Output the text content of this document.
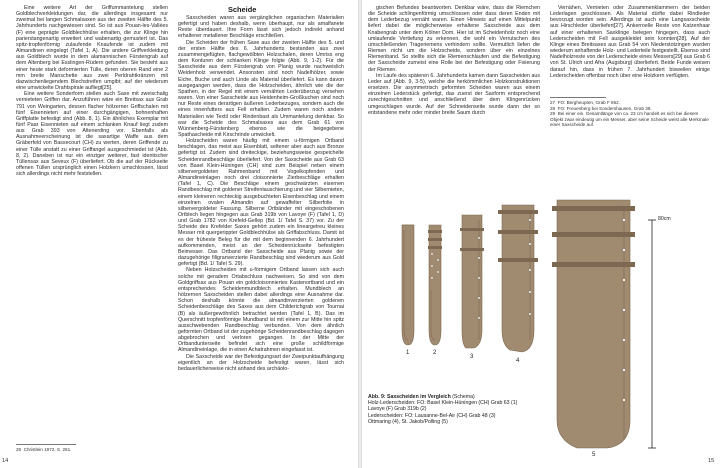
Eine weitere Art der Griffummantelung stellen Goldblechverkleidungen dar, die allerdings insgesamt nur zweimal bei langen Schmalsaxen aus der zweiten Hälfte des 5. Jahrhunderts nachgewiesen sind. So ist aus Pouan-les-Vallées (F) eine geprägte Goldblechhülse erhalten, die zur Klinge hin parierstangenartig erweitert und wabenartig gemustert ist. Das spitz-tropfenförmig zulaufende Knaufende ist zudem mit Almandinen eingelegt (Tafel 1, A). Die andere Griffverkleidung aus Goldblech wurde in dem alamannischen Fürstengrab auf dem Altenberg bei Esslingen-Rüdern gefunden. Sie besteht aus einer heute stark deformierten Tülle, deren oberen Rand eine 2 mm breite Manschette aus zwei Perldrahtkränzen mit dazwischenliegendem Blechstreifen umgibt; auf der wiederum eine umwickelte Drahtspirale aufliegt[25].

Eine weitere Sonderform stellen auch Saxe mit zweischalig vernieteten Griffen dar. Anzuführen wäre ein Breitsax aus Grab 791 von Weingarten, dessen flacher hölzerner Griffschalen mit fünf Eisennieten auf einer durchgängigen, bohnenhaften Griffplatte befestigt sind (Abb. 8, 1). Ein ähnliches Exemplar mit fünf Paar Eisennieten auf einem schlanken Knauf liegt zudem aus Grab 393 von Altenerding vor. Ebenfalls als Ausnahmeerscheinung ist die saxartige Waffe aus dem Gräberfeld von Bassecourt (CH) zu werten, deren Griffende zu einer Tülle anstatt zu einer Griffangel ausgeschmiedet ist (Abb. 8, 2). Daneben ist nur ein einziger weiterer, fast identischer Tüllensax aus Seveux (F) überliefert. Ob die auf der Rückseite offenen Tüllen ursprünglich einen Holzkern umschlossen, lässt sich allerdings nicht mehr feststellen.

Scheide

Saxscheiden waren aus vergänglichen organischen Materialien gefertigt und haben deshalb, wenn überhaupt, nur als amalfanete Reste überdauert. Ihre Form lässt sich jedoch indirekt anhand erhaltener metallener Beschläge erschließen.

Die Scheiden der frühen Saxe aus der zweiten Hälfte des 5. und der ersten Hälfte des 6. Jahrhunderts bestanden aus zwei zusammengefügten, flachgewölbten Holzschalen, deren Umriss eng dem Konturen der schlanken Klinge folgte (Abb. 9, 1-2). Für die Saxscheide aus dem Fürstengrab von Planig wurde nachweislich Weidenholz verwendet. Ansonsten sind noch Nadelhölzer, sowie Eiche, Buche und auch Linde als Material überliefert. Es kann davon ausgegangen werden, dass die Holzscheiden, ähnlich wie die der Spathen, in der Regel mit einem vernähten Lederüberzug versehen waren. Von einer Saxscheide aus Heidenheim-Großkuchen sind noch nur Reste eines derartigen äußeren Lederbezuges, sondern auch die eines innenfutters aus Fell erhalten. Zudem waren noch andere Materialien wie Textil oder Rindenbast als Ummantelung denkbar. So war die Scheide des Schmalsaxes aus dem Grab 61 von Wünnenberg-Fürstenberg ebenso wie die beigegebene Spathascheide mit Kirschrinde umwickelt.

Holzscheiden waren häufig mit einem u-förmigen Ortband beschlagen, das meist aus Eisenblatt, seltener aber auch aus Bronze gefertigt ist. Zudem sind dreiteckige, beziehungsweise gespeichelte Scheidenrandbeschläge überliefert. Von der Saxscheide aus Grab 63 von Basel Klein-Hüningen (CH) sind zum Beispiel neben einem silbervergoldeten Rahmenband mit Vogelkopfenden und Almandineinlagen noch drei cloisonnierte Zierbeschläge erhalten (Tafel 1, C). Die Beschläge einem geschwärzten eisernen Randbeschlag mit goldener Streifentauschierung und vier Silbernieten, einem kleineren rechteckig ausgebuchteten Eisenbeschlag und einem einzelnen ovalen Almandin auf gewaffelter Silberfolie in silbervergoldeter Fassung. Silberne Ortbänder mit eingeschobenen Ortblech liegen hingegen aus Grab 319b von Lavoye (F) (Tafel 1, D) und Grab 1782 von Krefeld-Gellep (Bd. 1/ Tafel S. 37) vor. Zu der Scheide des Krefelder Saxes gehört zudem ein lineargetreu kleines Messer mit quergerippter Goldblechhülse als Griffabschluss. Damit ist es der früheste Beleg für die mit dem beginnenden 6. Jahrhundert aufkommenden, meist an der Scheidenrückseite befestigten Beimesser. Das Ortband der Saxscheide aus Planig sowie der dazugehörige filigranverzierte Randbeschlag sind wiederum aus Gold gefertigt (Bd. 1/ Tafel S. 29).

Neben Holzscheiden mit u-förmigem Ortband lassen sich auch solche mit geradem Ortabschluss nachweisen. So sind von dem Goldgriffsax aus Pouan ein goldcloisonniertes Kastenortband und ein entsprechendes Scheidenmundblech erhalten. Mundblech an hölzernen Saxscheiden stellen dabei allerdings eine Ausnahme dar. Schon deshalb könnte die almandinverzierten goldenen Scheidenbeschläge des Saxes aus dem Childerichgrab von Tournai (B) als äußergewöhnlich betrachtet werden (Tafel 1, B). Das im Querschnitt tropfenförmige Mundband ist mit einem zur Mitte hin spitz ausschwebenden Randbeschlag verbunden. Von dem ähnlich geformten Ortband ist der zugehörige Scheidenrandbeschlag dagegen abgebrochen und verloren gegangen. In der Mitte der Ortbandunterseite befindet sich eine große schildförmige Almandineinlage, die in einen Achatrahmen eingefasst ist.

Die Saxscheide war der Befestigungsart der Zweipunktaufhängung eigentlich an der Holzscheide befestigt waren, lässt sich bedauerlicherweise nicht anhand des archäolo-

25 Christlein 1972, S. 261.
14

gischen Befundes beantworten. Denkbar wäre, dass die Riemchen die Scheide schlingenförmig umschlossen oder dass deren Enden mit dem Lederbezug vernäht waren. Einen Hinweis auf einen Mittelpunkt liefert dabei die möglicherweise erhaltene Saxscheide aus dem Knabengrab unter dem Kölner Dom. Hier ist im Scheidenholz noch eine umlaufende Vertiefung zu erkennen, die wohl ein Verrutschen des umschließenden Trageriemens verhindern sollte. Vermutlich liefen die Riemen nicht um die Holzscheide, sondern über ein einzelnes Riemenband. So stellte sich die Riemenschlaufen und die Befestigung der Saxscheide zumeist eine Rolle bei der Befestigung oder Fixierung der Riemen.

Im Laufe des späteren 6. Jahrhunderts kamen dann Saxscheiden aus Leder auf (Abb. 9, 3-5), welche die herkömmlichen Holzkonstruktionen ersetzen. Die asymmetrisch geformten Scheiden waren aus einem einzelnen Lederstück gefertigt, das zuerst der Saxform entsprechend zurechtgeschnitten und anschließend über dem Klingenrücken umgeschlagen wurde. Auf der Schneidenseite wurde dann der so entstandene mehr oder minder breite Saum durch

Vernähen, Vernieten oder Zusammenklammern der beiden Lederlagen geschlossen. Als Material dürfte dabei Rindleder bevorzugt worden sein. Allerdings ist auch eine Langsaxscheide aus Hirschleder überliefert[27]. Ankerroelle Reste von Katzenhaar auf einer erhaltenen Saxklinge belegen hingegen, dass auch Lederscheiden mit Fell ausgekleidet sein konnten[28]. Auf der Klinge eines Breitsaxes aus Grab 54 von Niederstotzingen wurden wiederum anhaftende Holz- und Lederteile festgestellt. Ebenso sind Nadelholzreste von der Lederscheide eines Messers[29] aus Grab 6 von St. Ulrich und Afra (Augsburg) überliefert. Beide Funde weisen darauf hin, dass in frühen 7. Jahrhundert bisweilen einige Lederscheiden offenbar noch über eine Holzkern verfügten.

27 FO: Bergheupten, Grab F 862.
28 FO: Freuenberg bei Sondershausen, Grab 38.
29 Bei einer ein. Gesamtlänge von ca. 23 cm handelt es sich bei diesem Objekt zwar eindeutig um ein Messer, aber seine Scheide weist alle Merkmale einer Saxscheide auf.
1	2
3
4
5
80cm
Abb. 9: Saxscheiden im Vergleich (Schema)
Holz-Lederscheiden: FO: Basel Klein-Hüningen (CH) Grab 63 (1)
Lavoye (F) Grab 319b (2)
Lederscheiden: FO: Lausanne-Bel-Air (CH) Grab 48 (3)
Ottmaring (4), St. Jakob/Polling (5)
15
